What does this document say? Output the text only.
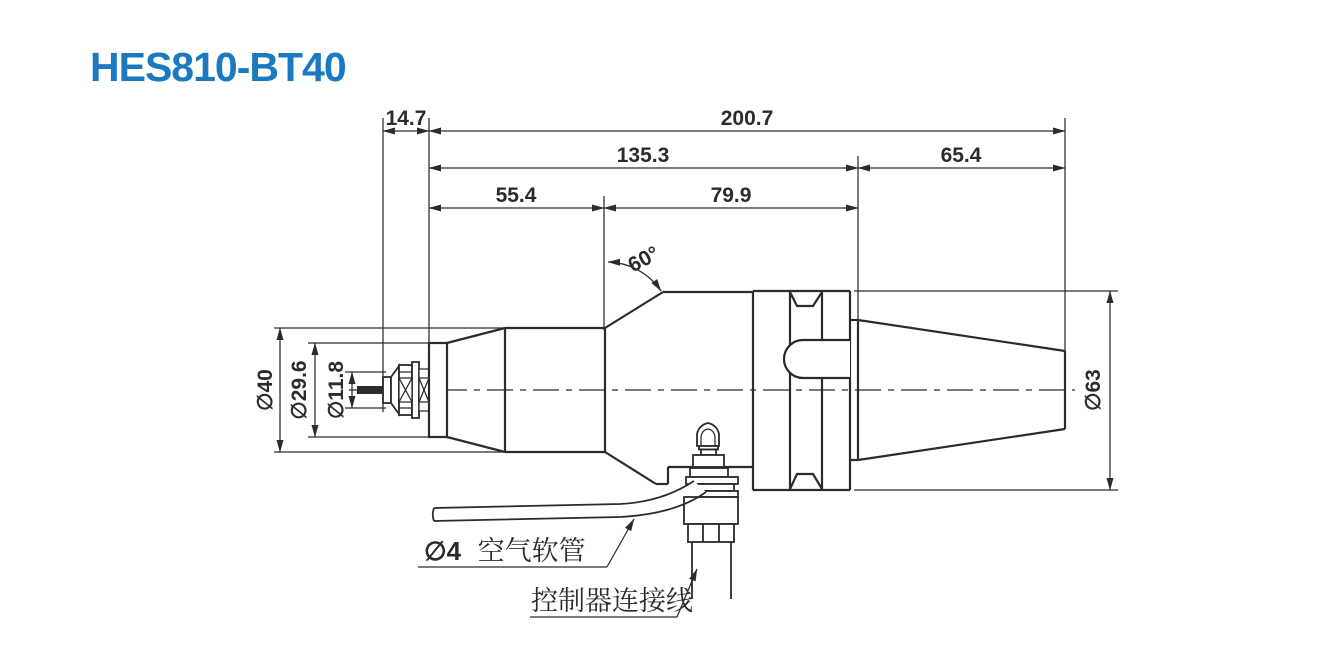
HES810-BT40
14.7	200.7
135.3	65.4
55.4	79.9
∅40 ∅29.6 ∅11.8	∅63
60°
∅4 空气软管
控制器连接线
